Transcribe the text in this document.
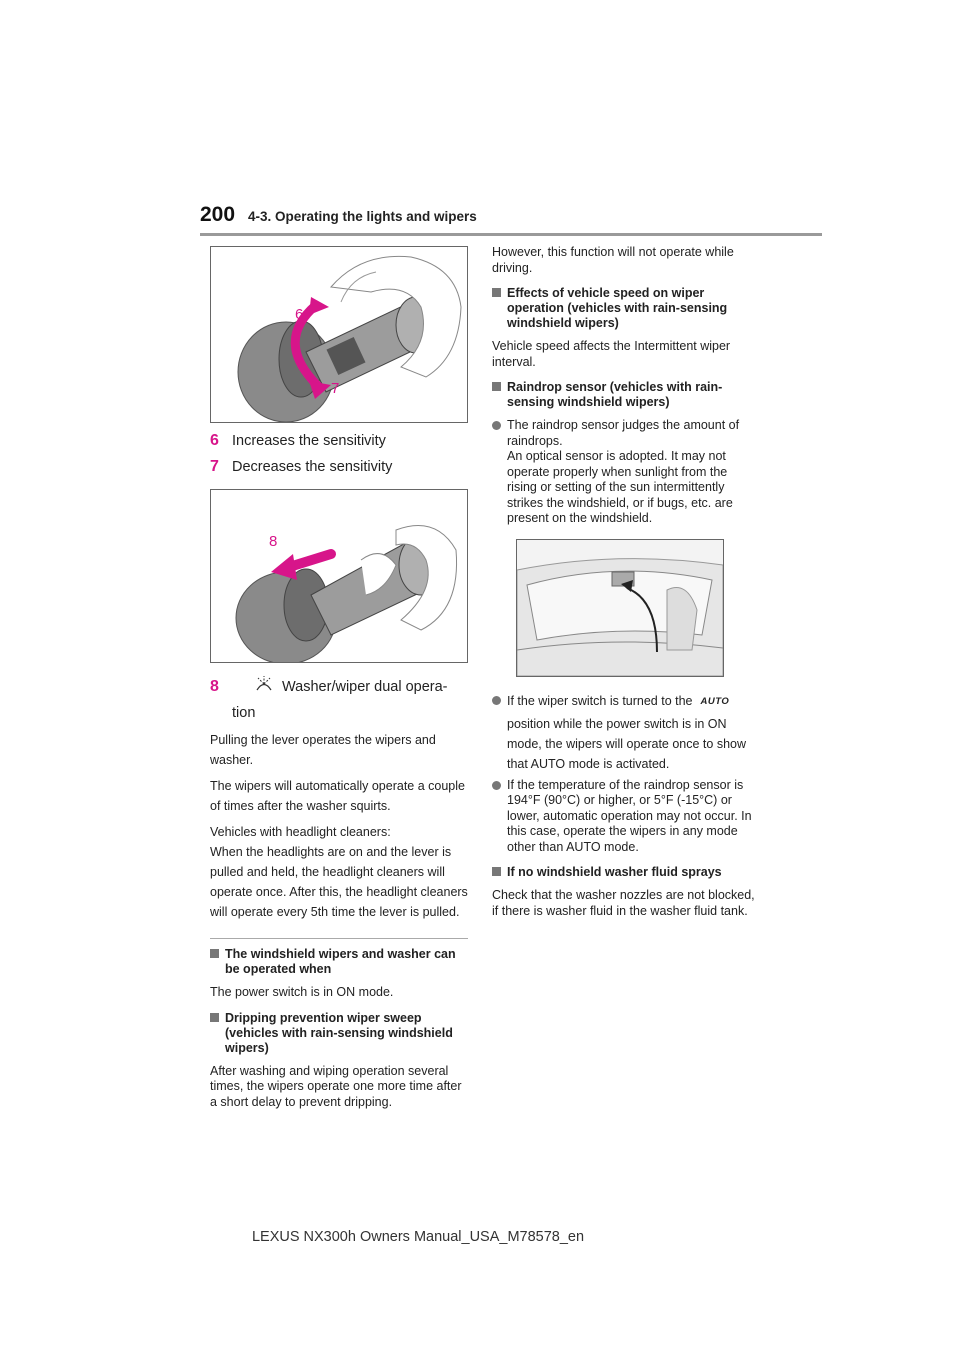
200 4-3. Operating the lights and wipers
6
7

6 Increases the sensitivity

7 Decreases the sensitivity

8

8	Washer/wiper dual opera-

tion

Pulling the lever operates the wipers and washer.

The wipers will automatically operate a couple of times after the washer squirts.

Vehicles with headlight cleaners:

When the headlights are on and the lever is pulled and held, the headlight cleaners will operate once. After this, the headlight cleaners will operate every 5th time the lever is pulled.

The windshield wipers and washer can be operated when

The power switch is in ON mode.

Dripping prevention wiper sweep (vehicles with rain-sensing windshield wipers)

After washing and wiping operation several times, the wipers operate one more time after a short delay to prevent dripping.

However, this function will not operate while driving.

Effects of vehicle speed on wiper operation (vehicles with rain-sensing windshield wipers)

Vehicle speed affects the Intermittent wiper interval.

Raindrop sensor (vehicles with rain-sensing windshield wipers)

The raindrop sensor judges the amount of raindrops.
An optical sensor is adopted. It may not operate properly when sunlight from the rising or setting of the sun intermittently strikes the windshield, or if bugs, etc. are present on the windshield.
If the wiper switch is turned to the AUTO
position while the power switch is in ON mode, the wipers will operate once to show that AUTO mode is activated.
If the temperature of the raindrop sensor is 194°F (90°C) or higher, or 5°F (-15°C) or lower, automatic operation may not occur. In this case, operate the wipers in any mode other than AUTO mode.

If no windshield washer fluid sprays

Check that the washer nozzles are not blocked, if there is washer fluid in the washer fluid tank.

LEXUS NX300h Owners Manual_USA_M78578_en
